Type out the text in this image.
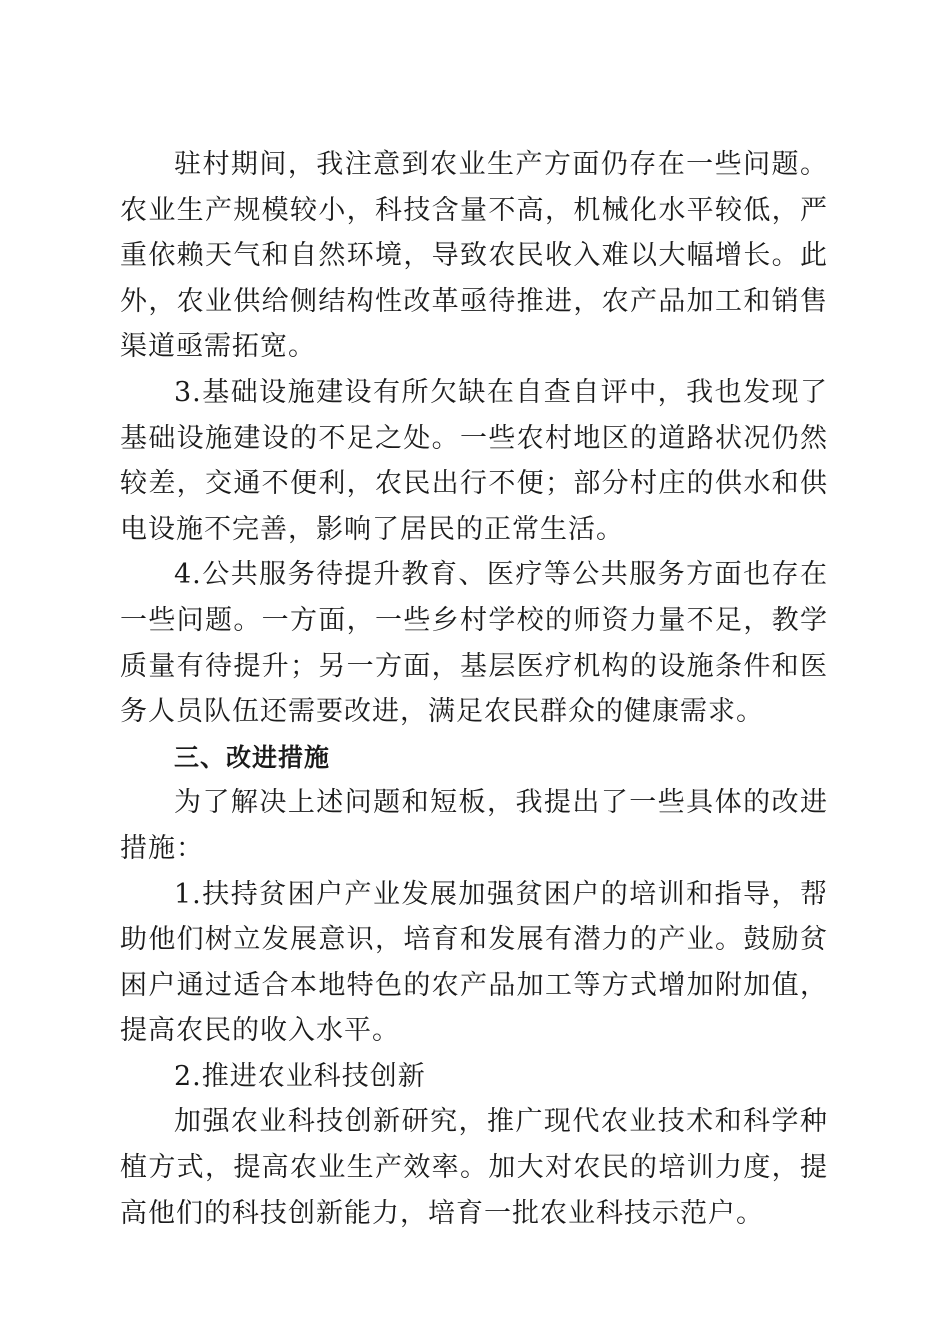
驻村期间，我注意到农业生产方面仍存在一些问题。农业生产规模较小，科技含量不高，机械化水平较低，严重依赖天气和自然环境，导致农民收入难以大幅增长。此外，农业供给侧结构性改革亟待推进，农产品加工和销售渠道亟需拓宽。

3.基础设施建设有所欠缺在自查自评中，我也发现了基础设施建设的不足之处。一些农村地区的道路状况仍然较差，交通不便利，农民出行不便；部分村庄的供水和供电设施不完善，影响了居民的正常生活。

4.公共服务待提升教育、医疗等公共服务方面也存在一些问题。一方面，一些乡村学校的师资力量不足，教学质量有待提升；另一方面，基层医疗机构的设施条件和医务人员队伍还需要改进，满足农民群众的健康需求。

三、改进措施

为了解决上述问题和短板，我提出了一些具体的改进措施：

1.扶持贫困户产业发展加强贫困户的培训和指导，帮助他们树立发展意识，培育和发展有潜力的产业。鼓励贫困户通过适合本地特色的农产品加工等方式增加附加值，提高农民的收入水平。

2.推进农业科技创新

加强农业科技创新研究，推广现代农业技术和科学种植方式，提高农业生产效率。加大对农民的培训力度，提高他们的科技创新能力，培育一批农业科技示范户。
